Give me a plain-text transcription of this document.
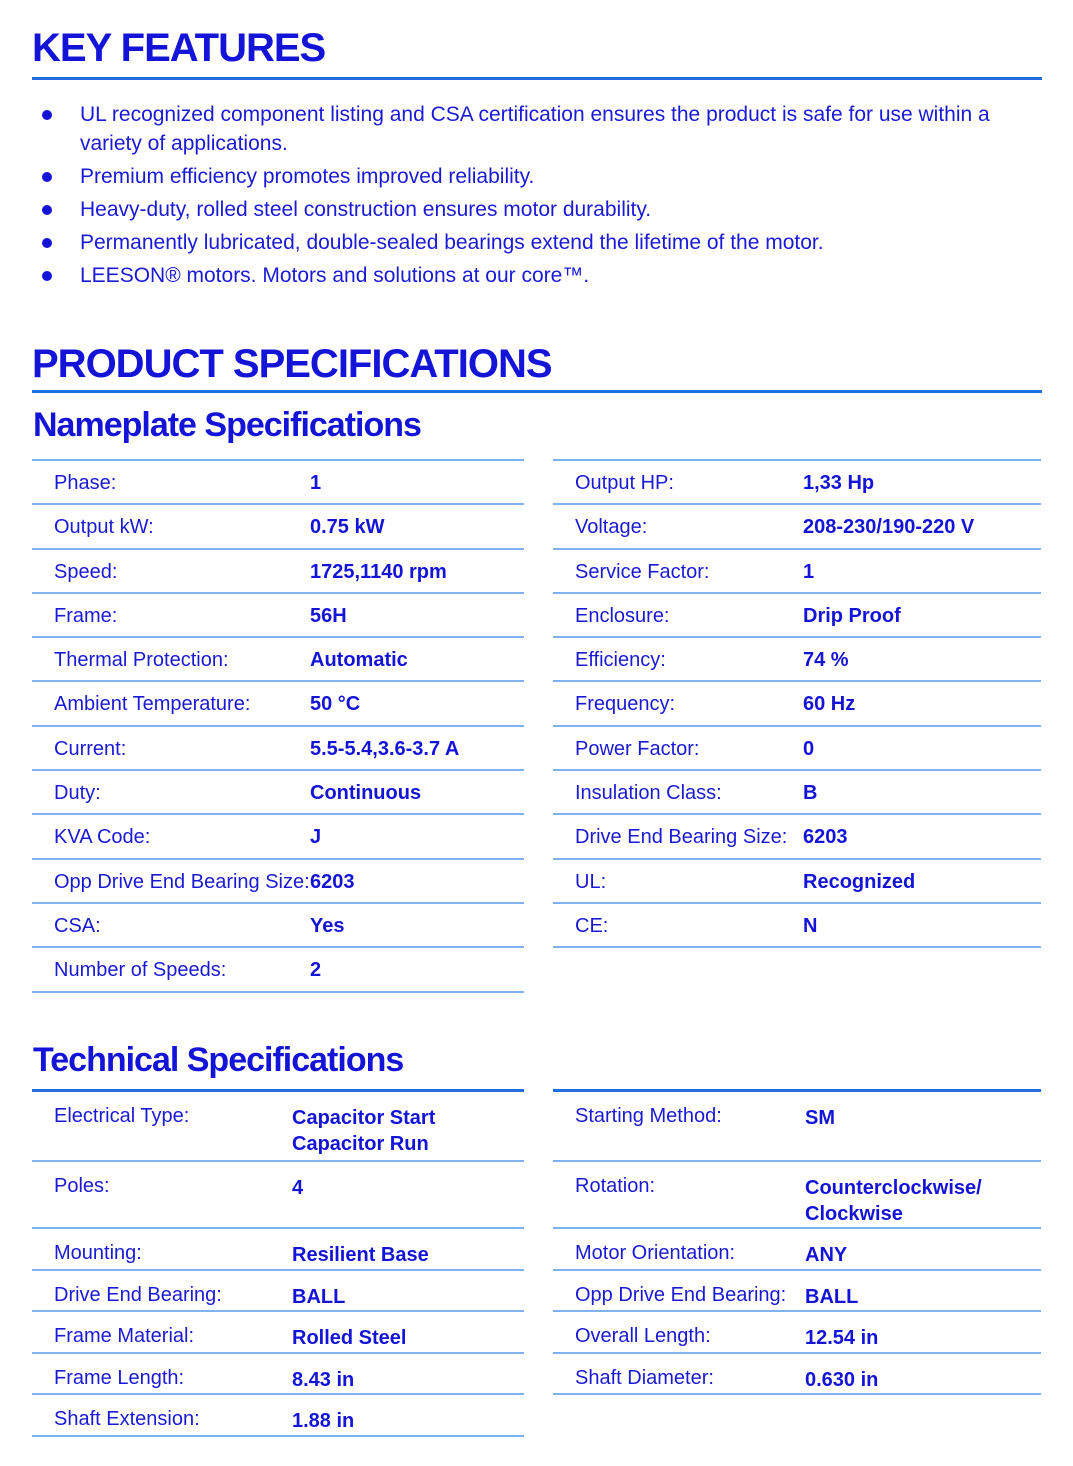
KEY FEATURES
UL recognized component listing and CSA certification ensures the product is safe for use within a variety of applications.
Premium efficiency promotes improved reliability.
Heavy-duty, rolled steel construction ensures motor durability.
Permanently lubricated, double-sealed bearings extend the lifetime of the motor.
LEESON® motors. Motors and solutions at our core™.
PRODUCT SPECIFICATIONS
Nameplate Specifications
Phase:	1
Output kW:	0.75 kW
Speed:	1725,1140 rpm
Frame:	56H
Thermal Protection:	Automatic
Ambient Temperature:	50 °C
Current:	5.5-5.4,3.6-3.7 A
Duty:	Continuous
KVA Code:	J
Opp Drive End Bearing Size: 6203
CSA:	Yes
Number of Speeds:	2
Output HP:	1,33 Hp
Voltage:	208-230/190-220 V
Service Factor:	1
Enclosure:	Drip Proof
Efficiency:	74 %
Frequency:	60 Hz
Power Factor:	0
Insulation Class:	B
Drive End Bearing Size: 6203
UL:	Recognized
CE:	N
Technical Specifications
Electrical Type:	Capacitor Start Capacitor Run
Poles:	4
Mounting:	Resilient Base
Drive End Bearing:	BALL
Frame Material:	Rolled Steel
Frame Length:	8.43 in
Shaft Extension:	1.88 in
Starting Method:	SM
Rotation:	Counterclockwise/ Clockwise
Motor Orientation:	ANY
Opp Drive End Bearing: BALL
Overall Length:	12.54 in
Shaft Diameter:	0.630 in
